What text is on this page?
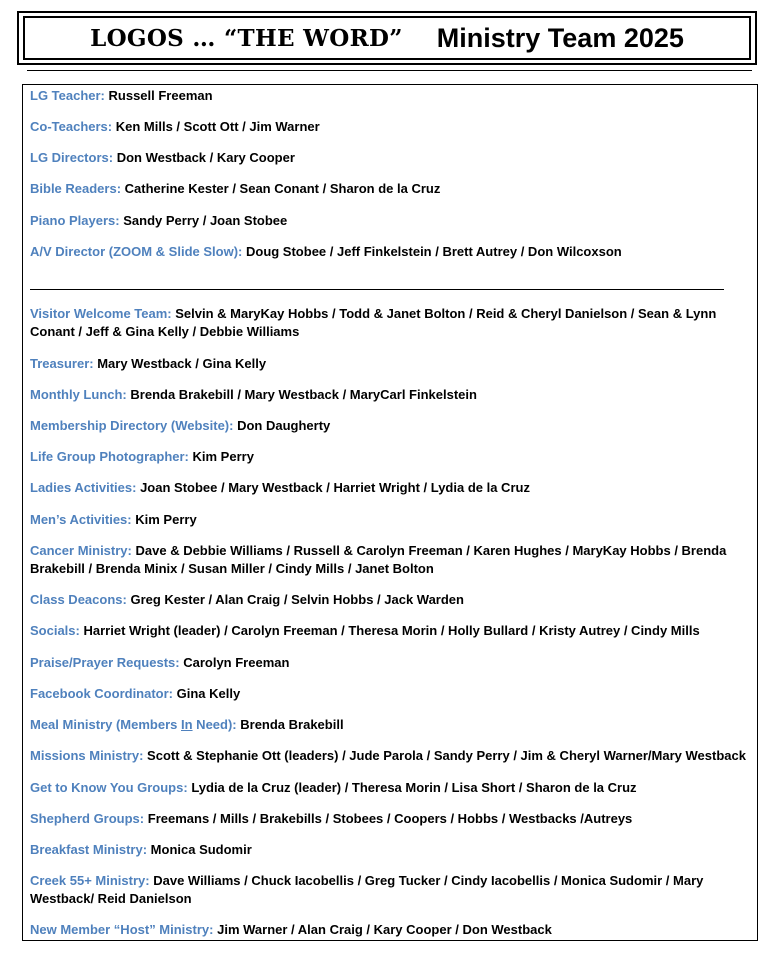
LOGOS … “THE WORD” Ministry Team 2025
LG Teacher: Russell Freeman
Co-Teachers: Ken Mills / Scott Ott / Jim Warner
LG Directors: Don Westback / Kary Cooper
Bible Readers: Catherine Kester / Sean Conant / Sharon de la Cruz
Piano Players: Sandy Perry / Joan Stobee
A/V Director (ZOOM & Slide Slow): Doug Stobee / Jeff Finkelstein / Brett Autrey / Don Wilcoxson
Visitor Welcome Team: Selvin & MaryKay Hobbs / Todd & Janet Bolton / Reid & Cheryl Danielson / Sean & Lynn Conant / Jeff & Gina Kelly / Debbie Williams
Treasurer: Mary Westback / Gina Kelly
Monthly Lunch: Brenda Brakebill / Mary Westback / MaryCarl Finkelstein
Membership Directory (Website): Don Daugherty
Life Group Photographer: Kim Perry
Ladies Activities: Joan Stobee / Mary Westback / Harriet Wright / Lydia de la Cruz
Men’s Activities: Kim Perry
Cancer Ministry: Dave & Debbie Williams / Russell & Carolyn Freeman / Karen Hughes / MaryKay Hobbs / Brenda Brakebill / Brenda Minix / Susan Miller / Cindy Mills / Janet Bolton
Class Deacons: Greg Kester / Alan Craig / Selvin Hobbs / Jack Warden
Socials: Harriet Wright (leader) / Carolyn Freeman / Theresa Morin / Holly Bullard / Kristy Autrey / Cindy Mills
Praise/Prayer Requests: Carolyn Freeman
Facebook Coordinator: Gina Kelly
Meal Ministry (Members In Need): Brenda Brakebill
Missions Ministry: Scott & Stephanie Ott (leaders) / Jude Parola / Sandy Perry / Jim & Cheryl Warner/Mary Westback
Get to Know You Groups: Lydia de la Cruz (leader) / Theresa Morin / Lisa Short / Sharon de la Cruz
Shepherd Groups: Freemans / Mills / Brakebills / Stobees / Coopers / Hobbs / Westbacks /Autreys
Breakfast Ministry: Monica Sudomir
Creek 55+ Ministry: Dave Williams / Chuck Iacobellis / Greg Tucker / Cindy Iacobellis / Monica Sudomir / Mary Westback/ Reid Danielson
New Member “Host” Ministry: Jim Warner / Alan Craig / Kary Cooper / Don Westback
